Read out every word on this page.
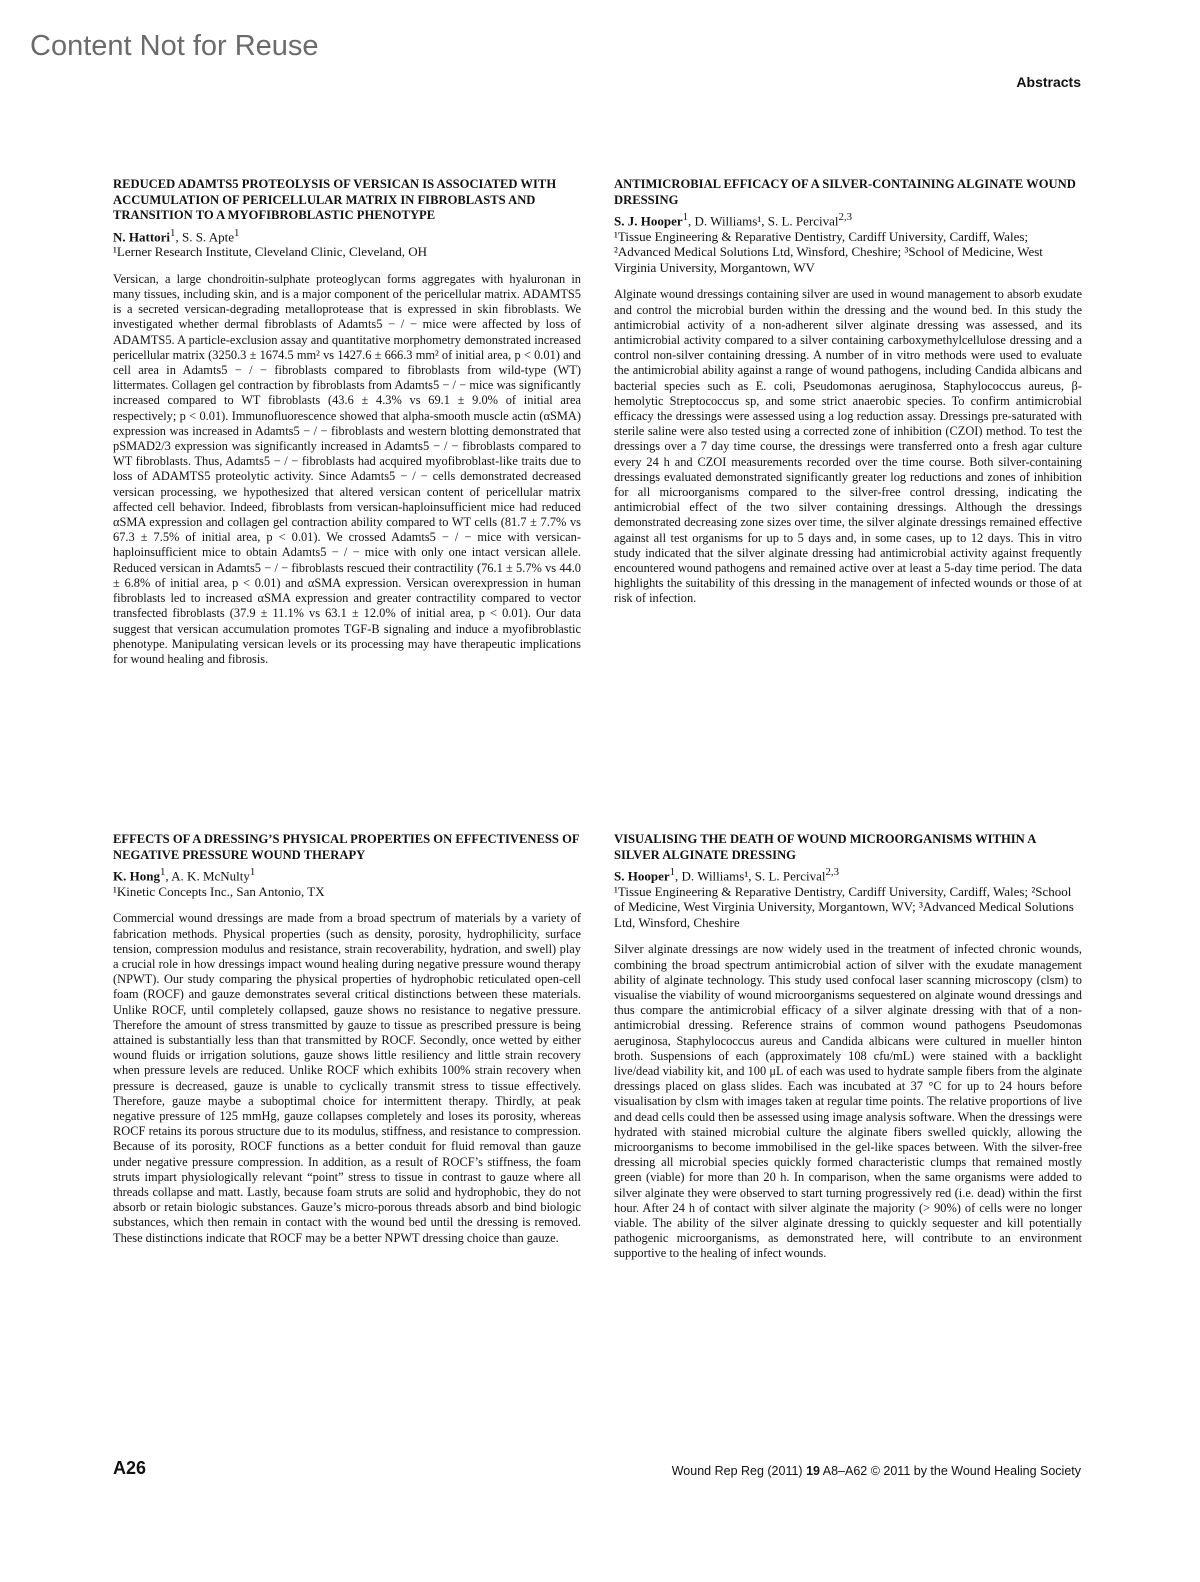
Content Not for Reuse
Abstracts
REDUCED ADAMTS5 PROTEOLYSIS OF VERSICAN IS ASSOCIATED WITH ACCUMULATION OF PERICELLULAR MATRIX IN FIBROBLASTS AND TRANSITION TO A MYOFIBROBLASTIC PHENOTYPE
N. Hattori$^1$, S. S. Apte$^1$
¹Lerner Research Institute, Cleveland Clinic, Cleveland, OH
Versican, a large chondroitin-sulphate proteoglycan forms aggregates with hyaluronan in many tissues, including skin, and is a major component of the pericellular matrix. ADAMTS5 is a secreted versican-degrading metalloprotease that is expressed in skin fibroblasts. We investigated whether dermal fibroblasts of Adamts5 − / − mice were affected by loss of ADAMTS5. A particle-exclusion assay and quantitative morphometry demonstrated increased pericellular matrix (3250.3 ± 1674.5 mm² vs 1427.6 ± 666.3 mm² of initial area, p < 0.01) and cell area in Adamts5 − / − fibroblasts compared to fibroblasts from wild-type (WT) littermates. Collagen gel contraction by fibroblasts from Adamts5 − / − mice was significantly increased compared to WT fibroblasts (43.6 ± 4.3% vs 69.1 ± 9.0% of initial area respectively; p < 0.01). Immunofluorescence showed that alpha-smooth muscle actin (αSMA) expression was increased in Adamts5 − / − fibroblasts and western blotting demonstrated that pSMAD2/3 expression was significantly increased in Adamts5 − / − fibroblasts compared to WT fibroblasts. Thus, Adamts5 − / − fibroblasts had acquired myofibroblast-like traits due to loss of ADAMTS5 proteolytic activity. Since Adamts5 − / − cells demonstrated decreased versican processing, we hypothesized that altered versican content of pericellular matrix affected cell behavior. Indeed, fibroblasts from versican-haploinsufficient mice had reduced αSMA expression and collagen gel contraction ability compared to WT cells (81.7 ± 7.7% vs 67.3 ± 7.5% of initial area, p < 0.01). We crossed Adamts5 − / − mice with versican-haploinsufficient mice to obtain Adamts5 − / − mice with only one intact versican allele. Reduced versican in Adamts5 − / − fibroblasts rescued their contractility (76.1 ± 5.7% vs 44.0 ± 6.8% of initial area, p < 0.01) and αSMA expression. Versican overexpression in human fibroblasts led to increased αSMA expression and greater contractility compared to vector transfected fibroblasts (37.9 ± 11.1% vs 63.1 ± 12.0% of initial area, p < 0.01). Our data suggest that versican accumulation promotes TGF-B signaling and induce a myofibroblastic phenotype. Manipulating versican levels or its processing may have therapeutic implications for wound healing and fibrosis.
ANTIMICROBIAL EFFICACY OF A SILVER-CONTAINING ALGINATE WOUND DRESSING
S. J. Hooper$^1$, D. Williams¹, S. L. Percival$^{2,3}$
¹Tissue Engineering & Reparative Dentistry, Cardiff University, Cardiff, Wales; ²Advanced Medical Solutions Ltd, Winsford, Cheshire; ³School of Medicine, West Virginia University, Morgantown, WV
Alginate wound dressings containing silver are used in wound management to absorb exudate and control the microbial burden within the dressing and the wound bed. In this study the antimicrobial activity of a non-adherent silver alginate dressing was assessed, and its antimicrobial activity compared to a silver containing carboxymethylcellulose dressing and a control non-silver containing dressing. A number of in vitro methods were used to evaluate the antimicrobial ability against a range of wound pathogens, including Candida albicans and bacterial species such as E. coli, Pseudomonas aeruginosa, Staphylococcus aureus, β-hemolytic Streptococcus sp, and some strict anaerobic species. To confirm antimicrobial efficacy the dressings were assessed using a log reduction assay. Dressings pre-saturated with sterile saline were also tested using a corrected zone of inhibition (CZOI) method. To test the dressings over a 7 day time course, the dressings were transferred onto a fresh agar culture every 24 h and CZOI measurements recorded over the time course. Both silver-containing dressings evaluated demonstrated significantly greater log reductions and zones of inhibition for all microorganisms compared to the silver-free control dressing, indicating the antimicrobial effect of the two silver containing dressings. Although the dressings demonstrated decreasing zone sizes over time, the silver alginate dressings remained effective against all test organisms for up to 5 days and, in some cases, up to 12 days. This in vitro study indicated that the silver alginate dressing had antimicrobial activity against frequently encountered wound pathogens and remained active over at least a 5-day time period. The data highlights the suitability of this dressing in the management of infected wounds or those of at risk of infection.
EFFECTS OF A DRESSING’S PHYSICAL PROPERTIES ON EFFECTIVENESS OF NEGATIVE PRESSURE WOUND THERAPY
K. Hong$^1$, A. K. McNulty$^1$
¹Kinetic Concepts Inc., San Antonio, TX
Commercial wound dressings are made from a broad spectrum of materials by a variety of fabrication methods. Physical properties (such as density, porosity, hydrophilicity, surface tension, compression modulus and resistance, strain recoverability, hydration, and swell) play a crucial role in how dressings impact wound healing during negative pressure wound therapy (NPWT). Our study comparing the physical properties of hydrophobic reticulated open-cell foam (ROCF) and gauze demonstrates several critical distinctions between these materials. Unlike ROCF, until completely collapsed, gauze shows no resistance to negative pressure. Therefore the amount of stress transmitted by gauze to tissue as prescribed pressure is being attained is substantially less than that transmitted by ROCF. Secondly, once wetted by either wound fluids or irrigation solutions, gauze shows little resiliency and little strain recovery when pressure levels are reduced. Unlike ROCF which exhibits 100% strain recovery when pressure is decreased, gauze is unable to cyclically transmit stress to tissue effectively. Therefore, gauze maybe a suboptimal choice for intermittent therapy. Thirdly, at peak negative pressure of 125 mmHg, gauze collapses completely and loses its porosity, whereas ROCF retains its porous structure due to its modulus, stiffness, and resistance to compression. Because of its porosity, ROCF functions as a better conduit for fluid removal than gauze under negative pressure compression. In addition, as a result of ROCF’s stiffness, the foam struts impart physiologically relevant “point” stress to tissue in contrast to gauze where all threads collapse and matt. Lastly, because foam struts are solid and hydrophobic, they do not absorb or retain biologic substances. Gauze’s micro-porous threads absorb and bind biologic substances, which then remain in contact with the wound bed until the dressing is removed. These distinctions indicate that ROCF may be a better NPWT dressing choice than gauze.
VISUALISING THE DEATH OF WOUND MICROORGANISMS WITHIN A SILVER ALGINATE DRESSING
S. Hooper$^1$, D. Williams¹, S. L. Percival$^{2,3}$
¹Tissue Engineering & Reparative Dentistry, Cardiff University, Cardiff, Wales; ²School of Medicine, West Virginia University, Morgantown, WV; ³Advanced Medical Solutions Ltd, Winsford, Cheshire
Silver alginate dressings are now widely used in the treatment of infected chronic wounds, combining the broad spectrum antimicrobial action of silver with the exudate management ability of alginate technology. This study used confocal laser scanning microscopy (clsm) to visualise the viability of wound microorganisms sequestered on alginate wound dressings and thus compare the antimicrobial efficacy of a silver alginate dressing with that of a non-antimicrobial dressing. Reference strains of common wound pathogens Pseudomonas aeruginosa, Staphylococcus aureus and Candida albicans were cultured in mueller hinton broth. Suspensions of each (approximately 108 cfu/mL) were stained with a backlight live/dead viability kit, and 100 μL of each was used to hydrate sample fibers from the alginate dressings placed on glass slides. Each was incubated at 37 °C for up to 24 hours before visualisation by clsm with images taken at regular time points. The relative proportions of live and dead cells could then be assessed using image analysis software. When the dressings were hydrated with stained microbial culture the alginate fibers swelled quickly, allowing the microorganisms to become immobilised in the gel-like spaces between. With the silver-free dressing all microbial species quickly formed characteristic clumps that remained mostly green (viable) for more than 20 h. In comparison, when the same organisms were added to silver alginate they were observed to start turning progressively red (i.e. dead) within the first hour. After 24 h of contact with silver alginate the majority (> 90%) of cells were no longer viable. The ability of the silver alginate dressing to quickly sequester and kill potentially pathogenic microorganisms, as demonstrated here, will contribute to an environment supportive to the healing of infect wounds.
A26	Wound Rep Reg (2011) 19 A8–A62 © 2011 by the Wound Healing Society
